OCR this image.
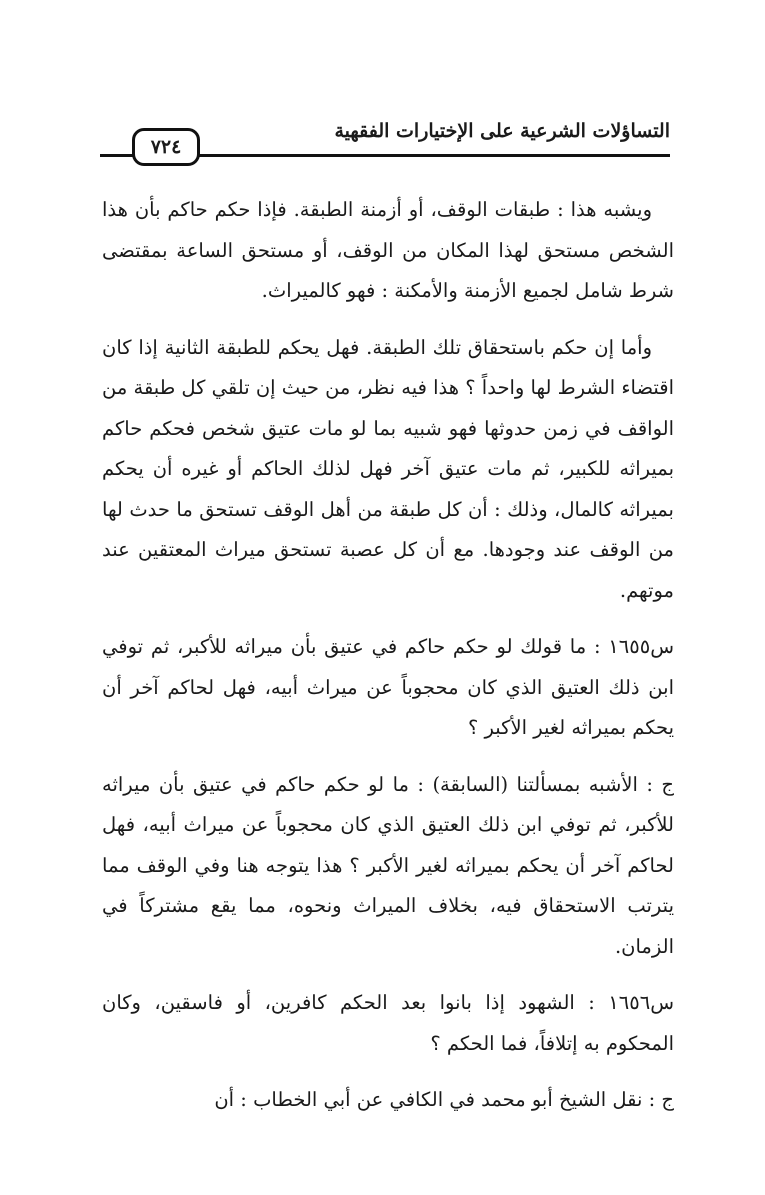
التساؤلات الشرعية على الإختيارات الفقهية
٧٢٤

ويشبه هذا : طبقات الوقف، أو أزمنة الطبقة. فإذا حكم حاكم بأن هذا الشخص مستحق لهذا المكان من الوقف، أو مستحق الساعة بمقتضى شرط شامل لجميع الأزمنة والأمكنة : فهو كالميراث.

وأما إن حكم باستحقاق تلك الطبقة. فهل يحكم للطبقة الثانية إذا كان اقتضاء الشرط لها واحداً ؟ هذا فيه نظر، من حيث إن تلقي كل طبقة من الواقف في زمن حدوثها فهو شبيه بما لو مات عتيق شخص فحكم حاكم بميراثه للكبير، ثم مات عتيق آخر فهل لذلك الحاكم أو غيره أن يحكم بميراثه كالمال، وذلك : أن كل طبقة من أهل الوقف تستحق ما حدث لها من الوقف عند وجودها. مع أن كل عصبة تستحق ميراث المعتقين عند موتهم.

س١٦٥٥ : ما قولك لو حكم حاكم في عتيق بأن ميراثه للأكبر، ثم توفي ابن ذلك العتيق الذي كان محجوباً عن ميراث أبيه، فهل لحاكم آخر أن يحكم بميراثه لغير الأكبر ؟

ج : الأشبه بمسألتنا (السابقة) : ما لو حكم حاكم في عتيق بأن ميراثه للأكبر، ثم توفي ابن ذلك العتيق الذي كان محجوباً عن ميراث أبيه، فهل لحاكم آخر أن يحكم بميراثه لغير الأكبر ؟ هذا يتوجه هنا وفي الوقف مما يترتب الاستحقاق فيه، بخلاف الميراث ونحوه، مما يقع مشتركاً في الزمان.

س١٦٥٦ : الشهود إذا بانوا بعد الحكم كافرين، أو فاسقين، وكان المحكوم به إتلافاً، فما الحكم ؟

ج : نقل الشيخ أبو محمد في الكافي عن أبي الخطاب : أن
